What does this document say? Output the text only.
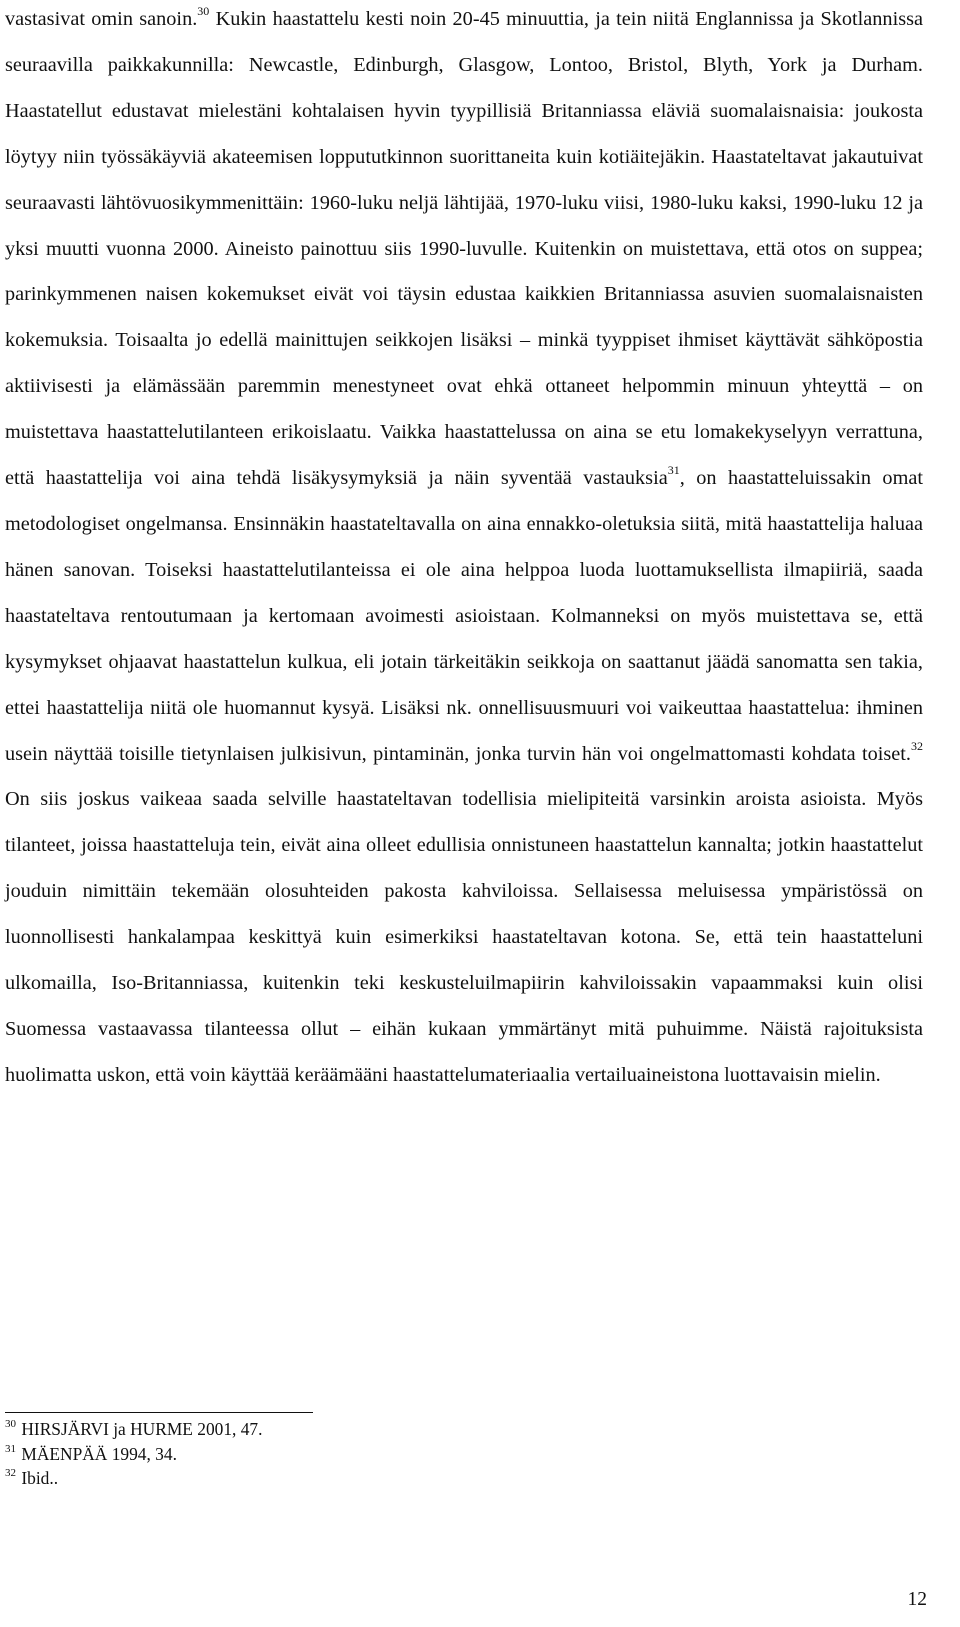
vastasivat omin sanoin.$^{30}$ Kukin haastattelu kesti noin 20-45 minuuttia, ja tein niitä Englannissa ja Skotlannissa seuraavilla paikkakunnilla: Newcastle, Edinburgh, Glasgow, Lontoo, Bristol, Blyth, York ja Durham. Haastatellut edustavat mielestäni kohtalaisen hyvin tyypillisiä Britanniassa eläviä suomalaisnaisia: joukosta löytyy niin työssäkäyviä akateemisen loppututkinnon suorittaneita kuin kotiäitejäkin. Haastateltavat jakautuivat seuraavasti lähtövuosikymmenittäin: 1960-luku neljä lähtijää, 1970-luku viisi, 1980-luku kaksi, 1990-luku 12 ja yksi muutti vuonna 2000. Aineisto painottuu siis 1990-luvulle. Kuitenkin on muistettava, että otos on suppea; parinkymmenen naisen kokemukset eivät voi täysin edustaa kaikkien Britanniassa asuvien suomalaisnaisten kokemuksia. Toisaalta jo edellä mainittujen seikkojen lisäksi – minkä tyyppiset ihmiset käyttävät sähköpostia aktiivisesti ja elämässään paremmin menestyneet ovat ehkä ottaneet helpommin minuun yhteyttä – on muistettava haastattelutilanteen erikoislaatu. Vaikka haastattelussa on aina se etu lomakekyselyyn verrattuna, että haastattelija voi aina tehdä lisäkysymyksiä ja näin syventää vastauksia$^{31}$, on haastatteluissakin omat metodologiset ongelmansa. Ensinnäkin haastateltavalla on aina ennakko-oletuksia siitä, mitä haastattelija haluaa hänen sanovan. Toiseksi haastattelutilanteissa ei ole aina helppoa luoda luottamuksellista ilmapiiriä, saada haastateltava rentoutumaan ja kertomaan avoimesti asioistaan. Kolmanneksi on myös muistettava se, että kysymykset ohjaavat haastattelun kulkua, eli jotain tärkeitäkin seikkoja on saattanut jäädä sanomatta sen takia, ettei haastattelija niitä ole huomannut kysyä. Lisäksi nk. onnellisuusmuuri voi vaikeuttaa haastattelua: ihminen usein näyttää toisille tietynlaisen julkisivun, pintaminän, jonka turvin hän voi ongelmattomasti kohdata toiset.$^{32}$ On siis joskus vaikeaa saada selville haastateltavan todellisia mielipiteitä varsinkin aroista asioista. Myös tilanteet, joissa haastatteluja tein, eivät aina olleet edullisia onnistuneen haastattelun kannalta; jotkin haastattelut jouduin nimittäin tekemään olosuhteiden pakosta kahviloissa. Sellaisessa meluisessa ympäristössä on luonnollisesti hankalampaa keskittyä kuin esimerkiksi haastateltavan kotona. Se, että tein haastatteluni ulkomailla, Iso-Britanniassa, kuitenkin teki keskusteluilmapiirin kahviloissakin vapaammaksi kuin olisi Suomessa vastaavassa tilanteessa ollut – eihän kukaan ymmärtänyt mitä puhuimme. Näistä rajoituksista huolimatta uskon, että voin käyttää keräämääni haastattelumateriaalia vertailuaineistona luottavaisin mielin.

$^{30}$ HIRSJÄRVI ja HURME 2001, 47.

$^{31}$ MÄENPÄÄ 1994, 34.

$^{32}$ Ibid..

12
